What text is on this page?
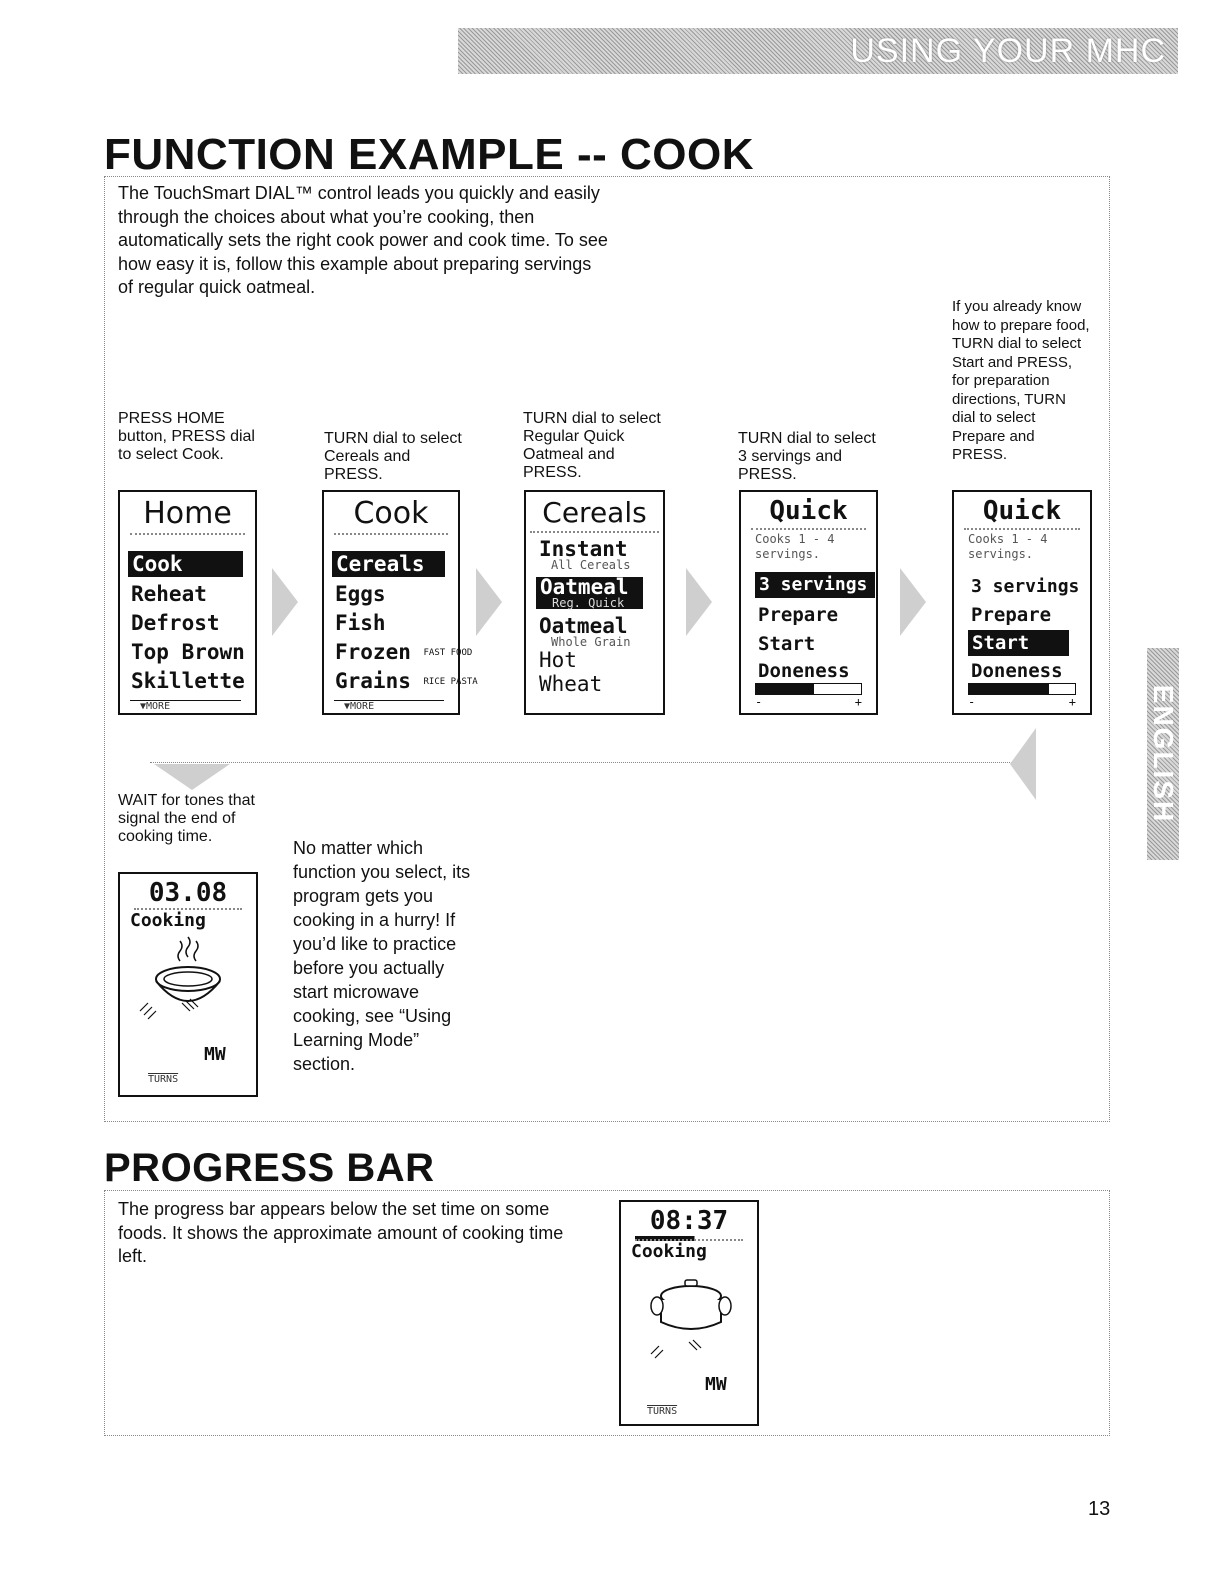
USING YOUR MHC
FUNCTION EXAMPLE -- COOK
The TouchSmart DIAL™ control leads you quickly and easily through the choices about what you’re cooking, then automatically sets the right cook power and cook time. To see how easy it is, follow this example about preparing servings of regular quick oatmeal.
If you already know how to prepare food, TURN dial to select Start and PRESS, for preparation directions, TURN dial to select Prepare and PRESS.
PRESS HOME button, PRESS dial to select Cook.
TURN dial to select Cereals and PRESS.
TURN dial to select Regular Quick Oatmeal and PRESS.
TURN dial to select 3 servings and PRESS.
Home
Cook
Reheat
Defrost
Top Brown
Skillette
▼MORE
Cook
Cereals
Eggs
Fish
Frozen FAST FOOD
Grains RICE PASTA
▼MORE
Cereals
Instant
All Cereals
Oatmeal
Reg. Quick
Oatmeal
Whole Grain
Hot
Wheat
Quick
Cooks 1 - 4
servings.
3 servings
Prepare
Start
Doneness
-	+
Quick
Cooks 1 - 4
servings.
3 servings
Prepare
Start
Doneness
-	+
WAIT for tones that signal the end of cooking time.
03.08
Cooking
MW
TURNS
No matter which function you select, its program gets you cooking in a hurry! If you’d like to practice before you actually start microwave cooking, see “Using Learning Mode” section.
PROGRESS BAR
The progress bar appears below the set time on some foods. It shows the approximate amount of cooking time left.
08:37
Cooking
MW
TURNS
ENGLISH
13
